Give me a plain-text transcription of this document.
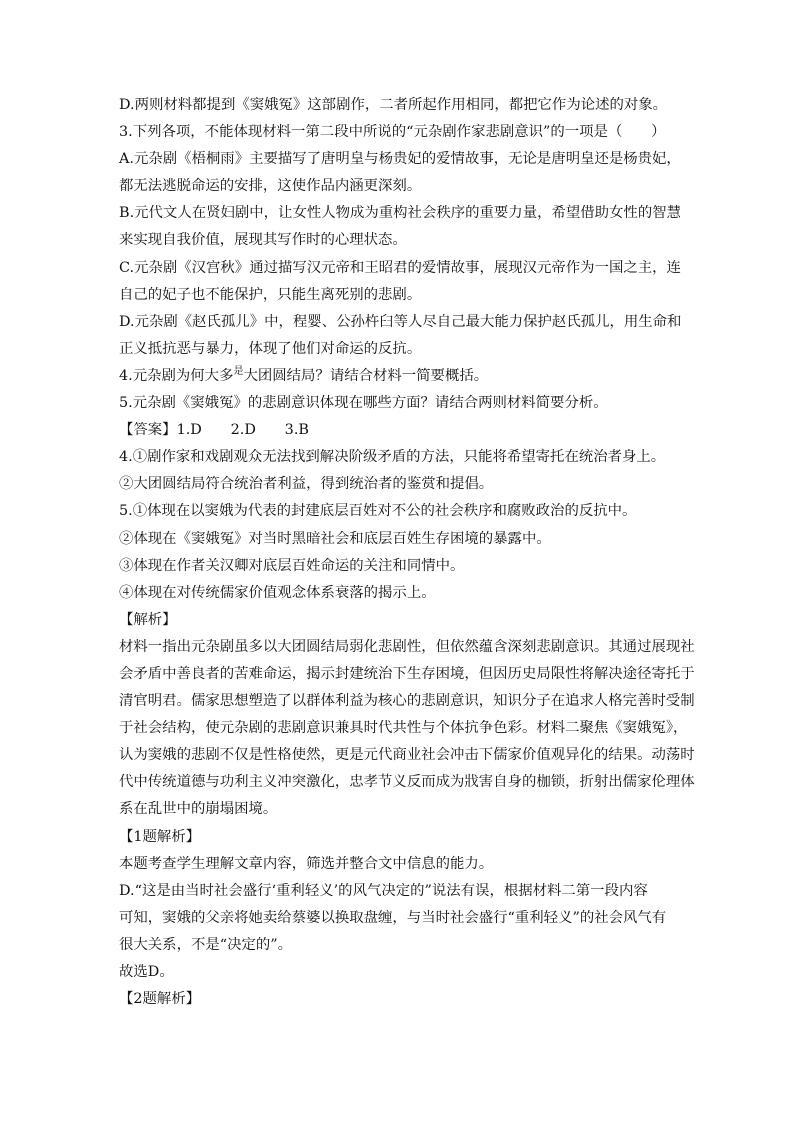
D.两则材料都提到《窦娥冤》这部剧作，二者所起作用相同，都把它作为论述的对象。
3.下列各项，不能体现材料一第二段中所说的“元杂剧作家悲剧意识”的一项是（　　）
A.元杂剧《梧桐雨》主要描写了唐明皇与杨贵妃的爱情故事，无论是唐明皇还是杨贵妃，
都无法逃脱命运的安排，这使作品内涵更深刻。
B.元代文人在贤妇剧中，让女性人物成为重构社会秩序的重要力量，希望借助女性的智慧
来实现自我价值，展现其写作时的心理状态。
C.元杂剧《汉宫秋》通过描写汉元帝和王昭君的爱情故事，展现汉元帝作为一国之主，连
自己的妃子也不能保护，只能生离死别的悲剧。
D.元杂剧《赵氏孤儿》中，程婴、公孙杵臼等人尽自己最大能力保护赵氏孤儿，用生命和
正义抵抗恶与暴力，体现了他们对命运的反抗。
4.元杂剧为何大多$^是$大团圆结局？请结合材料一简要概括。
5.元杂剧《窦娥冤》的悲剧意识体现在哪些方面？请结合两则材料简要分析。
【答案】1.D　　2.D　　3.B
4.①剧作家和戏剧观众无法找到解决阶级矛盾的方法，只能将希望寄托在统治者身上。
②大团圆结局符合统治者利益，得到统治者的鉴赏和提倡。
5.①体现在以窦娥为代表的封建底层百姓对不公的社会秩序和腐败政治的反抗中。
②体现在《窦娥冤》对当时黑暗社会和底层百姓生存困境的暴露中。
③体现在作者关汉卿对底层百姓命运的关注和同情中。
④体现在对传统儒家价值观念体系衰落的揭示上。
【解析】
材料一指出元杂剧虽多以大团圆结局弱化悲剧性，但依然蕴含深刻悲剧意识。其通过展现社
会矛盾中善良者的苦难命运，揭示封建统治下生存困境，但因历史局限性将解决途径寄托于
清官明君。儒家思想塑造了以群体利益为核心的悲剧意识，知识分子在追求人格完善时受制
于社会结构，使元杂剧的悲剧意识兼具时代共性与个体抗争色彩。材料二聚焦《窦娥冤》，
认为窦娥的悲剧不仅是性格使然，更是元代商业社会冲击下儒家价值观异化的结果。动荡时
代中传统道德与功利主义冲突激化，忠孝节义反而成为戕害自身的枷锁，折射出儒家伦理体
系在乱世中的崩塌困境。
【1题解析】
本题考查学生理解文章内容，筛选并整合文中信息的能力。
D.“这是由当时社会盛行‘重利轻义’的风气决定的”说法有误，根据材料二第一段内容
可知，窦娥的父亲将她卖给蔡婆以换取盘缠，与当时社会盛行“重利轻义”的社会风气有
很大关系，不是“决定的”。
故选D。
【2题解析】
